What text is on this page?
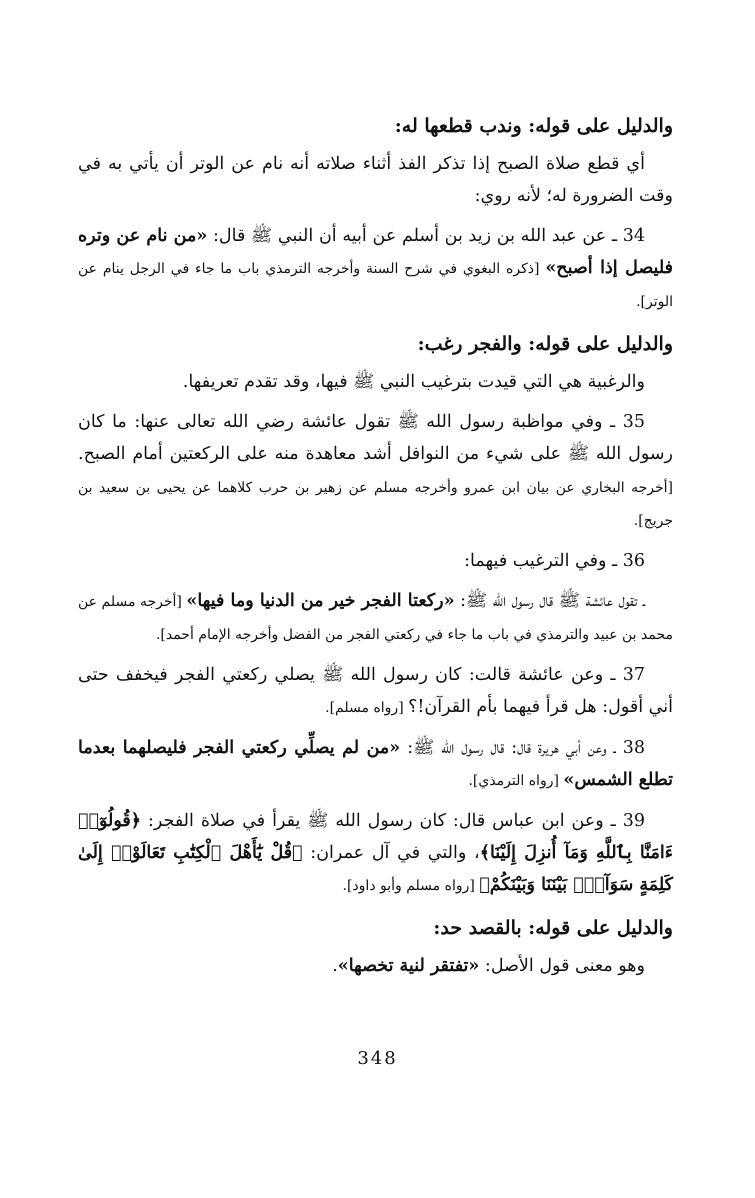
والدليل على قوله: وندب قطعها له:

أي قطع صلاة الصبح إذا تذكر الفذ أثناء صلاته أنه نام عن الوتر أن يأتي به في وقت الضرورة له؛ لأنه روي:

34 ـ عن عبد الله بن زيد بن أسلم عن أبيه أن النبي ﷺ قال: «من نام عن وتره فليصل إذا أصبح» [ذكره البغوي في شرح السنة وأخرجه الترمذي باب ما جاء في الرجل ينام عن الوتر].

والدليل على قوله: والفجر رغب:

والرغبية هي التي قيدت بترغيب النبي ﷺ فيها، وقد تقدم تعريفها.

35 ـ وفي مواظبة رسول الله ﷺ تقول عائشة رضي الله تعالى عنها: ما كان رسول الله ﷺ على شيء من النوافل أشد معاهدة منه على الركعتين أمام الصبح. [أخرجه البخاري عن بيان ابن عمرو وأخرجه مسلم عن زهير بن حرب كلاهما عن يحيى بن سعيد بن جريج].

36 ـ وفي الترغيب فيهما:

ـ تقول عائشة ﷺ قال رسول الله ﷺ: «ركعتا الفجر خير من الدنيا وما فيها» [أخرجه مسلم عن محمد بن عبيد والترمذي في باب ما جاء في ركعتي الفجر من الفضل وأخرجه الإمام أحمد].

37 ـ وعن عائشة قالت: كان رسول الله ﷺ يصلي ركعتي الفجر فيخفف حتى أني أقول: هل قرأ فيهما بأم القرآن!؟ [رواه مسلم].

38 ـ وعن أبي هريرة قال: قال رسول الله ﷺ: «من لم يصلِّي ركعتي الفجر فليصلهما بعدما تطلع الشمس» [رواه الترمذي].

39 ـ وعن ابن عباس قال: كان رسول الله ﷺ يقرأ في صلاة الفجر: ﴿قُولُوٓا۟ ءَامَنَّا بِٱللَّهِ وَمَآ أُنزِلَ إِلَيْنَا﴾، والتي في آل عمران: ﴿قُلْ يَٰٓأَهْلَ ٱلْكِتَٰبِ تَعَالَوْا۟ إِلَىٰ كَلِمَةٍ سَوَآءٍۭ بَيْنَنَا وَبَيْنَكُمْ﴾ [رواه مسلم وأبو داود].

والدليل على قوله: بالقصد حد:

وهو معنى قول الأصل: «تفتقر لنية تخصها».

348
